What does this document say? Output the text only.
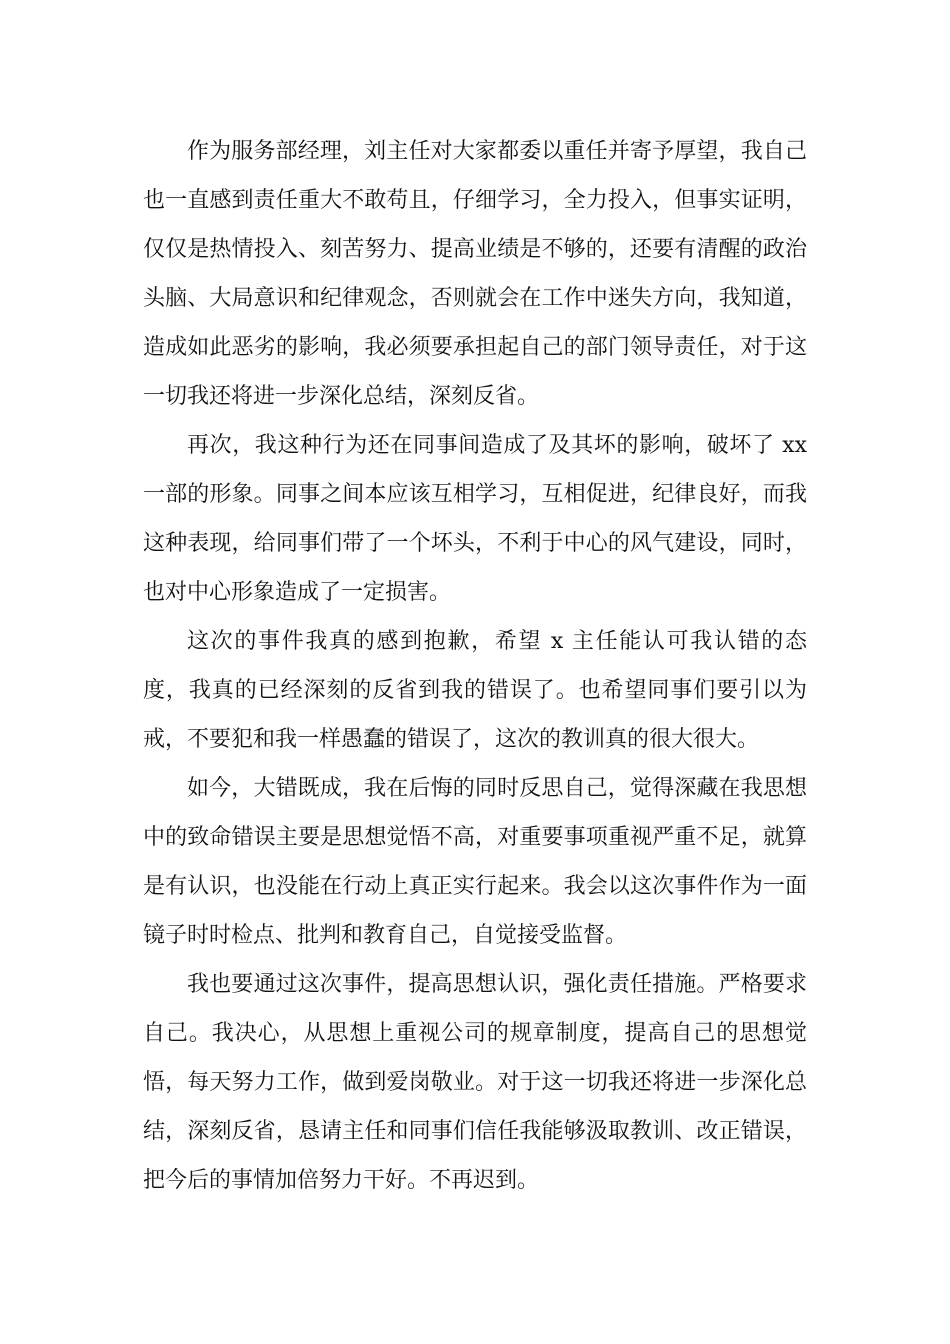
作为服务部经理，刘主任对大家都委以重任并寄予厚望，我自己也一直感到责任重大不敢苟且，仔细学习，全力投入，但事实证明，仅仅是热情投入、刻苦努力、提高业绩是不够的，还要有清醒的政治头脑、大局意识和纪律观念，否则就会在工作中迷失方向，我知道，造成如此恶劣的影响，我必须要承担起自己的部门领导责任，对于这一切我还将进一步深化总结，深刻反省。

再次，我这种行为还在同事间造成了及其坏的影响，破坏了 xx 一部的形象。同事之间本应该互相学习，互相促进，纪律良好，而我这种表现，给同事们带了一个坏头，不利于中心的风气建设，同时，也对中心形象造成了一定损害。

这次的事件我真的感到抱歉，希望 x 主任能认可我认错的态度，我真的已经深刻的反省到我的错误了。也希望同事们要引以为戒，不要犯和我一样愚蠢的错误了，这次的教训真的很大很大。

如今，大错既成，我在后悔的同时反思自己，觉得深藏在我思想中的致命错误主要是思想觉悟不高，对重要事项重视严重不足，就算是有认识，也没能在行动上真正实行起来。我会以这次事件作为一面镜子时时检点、批判和教育自己，自觉接受监督。

我也要通过这次事件，提高思想认识，强化责任措施。严格要求自己。我决心，从思想上重视公司的规章制度，提高自己的思想觉悟，每天努力工作，做到爱岗敬业。对于这一切我还将进一步深化总结，深刻反省，恳请主任和同事们信任我能够汲取教训、改正错误，把今后的事情加倍努力干好。不再迟到。
